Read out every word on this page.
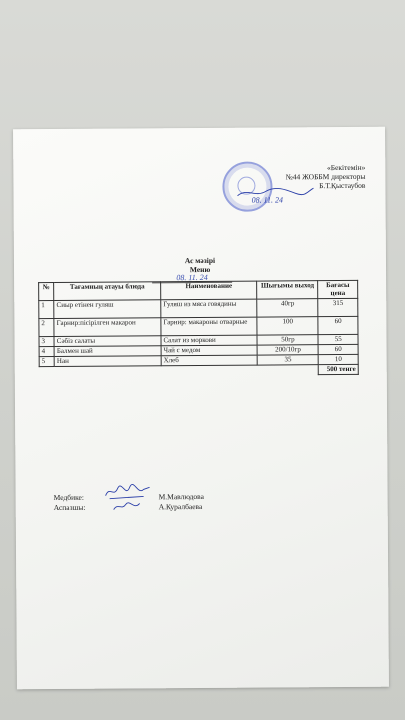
«Бекітемін»
№44 ЖОББМ директоры
Б.Т.Қыстаубов
08. 11. 24
Ас мәзірі
Меню
08. 11. 24
№	Тағамның атауы блюда	Наименование	Шығымы выход	Бағасы цена
1	Сиыр етінен гуляш	Гуляш из мяса говядины	40гр	315
2	Гарнир:пісірілген макарон	Гарнир: макароны отварные	100	60
3	Сәбіз салаты	Салат из моркови	50гр	55
4	Балмен шай	Чай с медом	200/10гр	60
5	Нан	Хлеб	35	10
				500 тенге
Медбике:	М.Мавлюдова
Аспазшы:	А.Куралбаева
